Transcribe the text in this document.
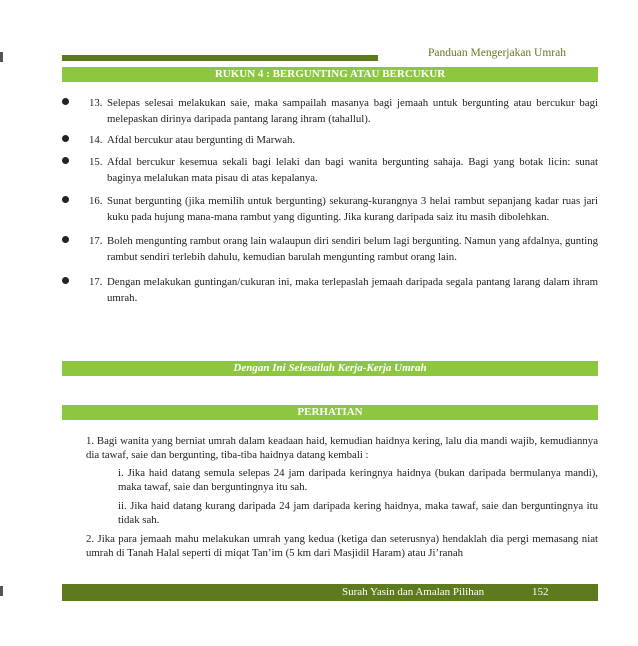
Panduan Mengerjakan Umrah
RUKUN 4 : BERGUNTING ATAU BERCUKUR
13. Selepas selesai melakukan saie, maka sampailah masanya bagi jemaah untuk bergunting atau bercukur bagi melepaskan dirinya daripada pantang larang ihram (tahallul).
14. Afdal bercukur atau bergunting di Marwah.
15. Afdal bercukur kesemua sekali bagi lelaki dan bagi wanita bergunting sahaja. Bagi yang botak licin: sunat baginya melalukan mata pisau di atas kepalanya.
16. Sunat bergunting (jika memilih untuk bergunting) sekurang-kurangnya 3 helai rambut sepanjang kadar ruas jari kuku pada hujung mana-mana rambut yang digunting. Jika kurang daripada saiz itu masih dibolehkan.
17. Boleh mengunting rambut orang lain walaupun diri sendiri belum lagi bergunting. Namun yang afdalnya, gunting rambut sendiri terlebih dahulu, kemudian barulah mengunting rambut orang lain.
17. Dengan melakukan guntingan/cukuran ini, maka terlepaslah jemaah daripada segala pantang larang dalam ihram umrah.
Dengan Ini Selesailah Kerja-Kerja Umrah
PERHATIAN
1. Bagi wanita yang berniat umrah dalam keadaan haid, kemudian haidnya kering, lalu dia mandi wajib, kemudiannya dia tawaf, saie dan bergunting, tiba-tiba haidnya datang kembali :
i. Jika haid datang semula selepas 24 jam daripada keringnya haidnya (bukan daripada bermulanya mandi), maka tawaf, saie dan berguntingnya itu sah.
ii. Jika haid datang kurang daripada 24 jam daripada kering haidnya, maka tawaf, saie dan berguntingnya itu tidak sah.
2. Jika para jemaah mahu melakukan umrah yang kedua (ketiga dan seterusnya) hendaklah dia pergi memasang niat umrah di Tanah Halal seperti di miqat Tan’im (5 km dari Masjidil Haram) atau Ji’ranah
Surah Yasin dan Amalan Pilihan	152
